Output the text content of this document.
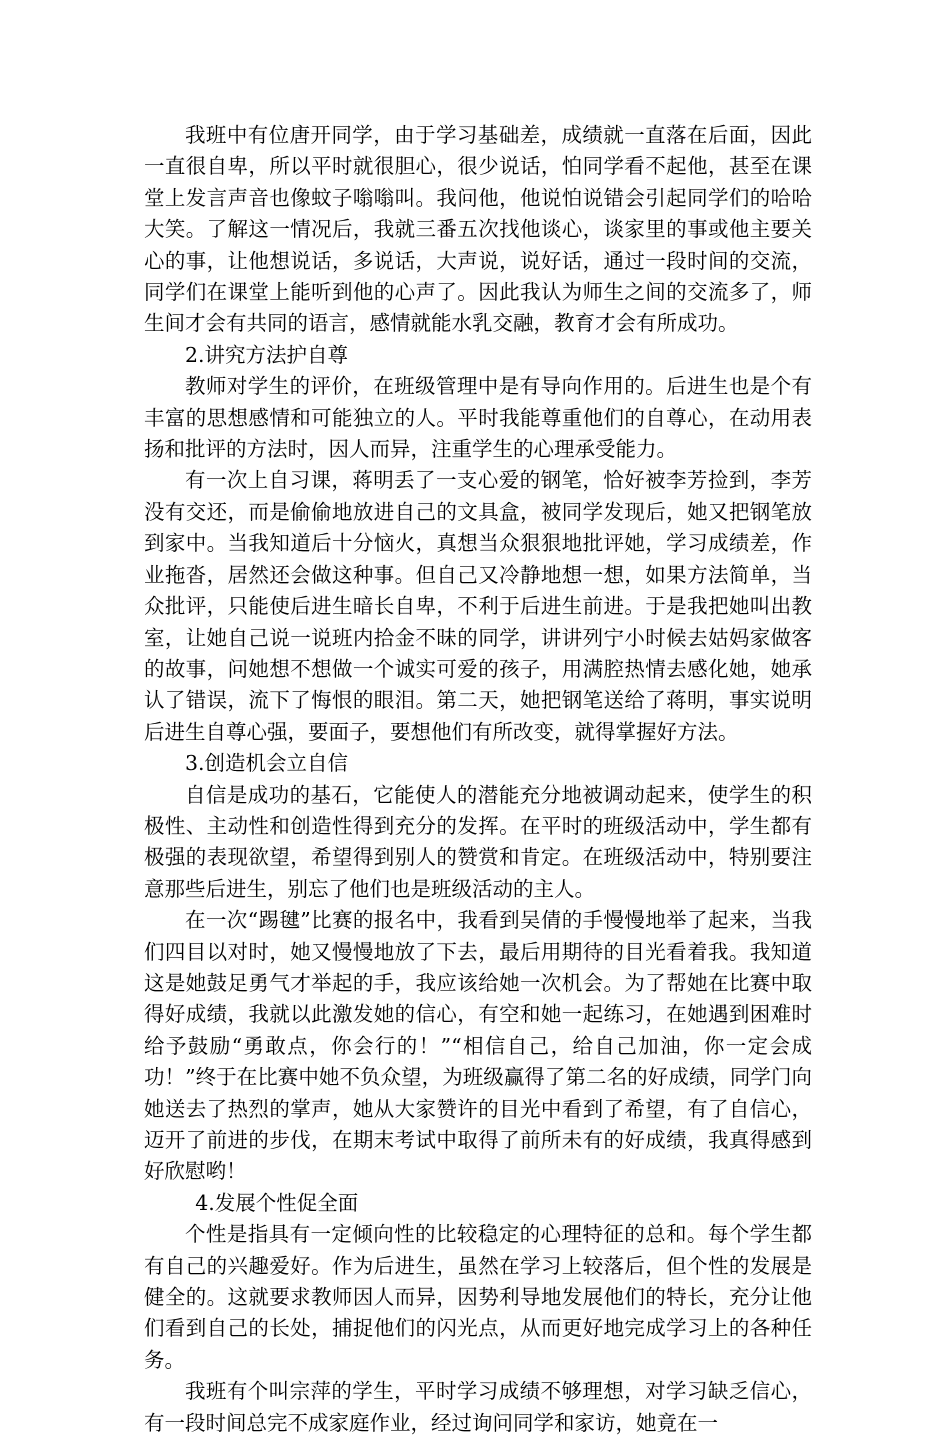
我班中有位唐开同学，由于学习基础差，成绩就一直落在后面，因此一直很自卑，所以平时就很胆心，很少说话，怕同学看不起他，甚至在课堂上发言声音也像蚊子嗡嗡叫。我问他，他说怕说错会引起同学们的哈哈大笑。了解这一情况后，我就三番五次找他谈心，谈家里的事或他主要关心的事，让他想说话，多说话，大声说，说好话，通过一段时间的交流，同学们在课堂上能听到他的心声了。因此我认为师生之间的交流多了，师生间才会有共同的语言，感情就能水乳交融，教育才会有所成功。

2.讲究方法护自尊

教师对学生的评价，在班级管理中是有导向作用的。后进生也是个有丰富的思想感情和可能独立的人。平时我能尊重他们的自尊心，在动用表扬和批评的方法时，因人而异，注重学生的心理承受能力。

有一次上自习课，蒋明丢了一支心爱的钢笔，恰好被李芳捡到，李芳没有交还，而是偷偷地放进自己的文具盒，被同学发现后，她又把钢笔放到家中。当我知道后十分恼火，真想当众狠狠地批评她，学习成绩差，作业拖沓，居然还会做这种事。但自己又冷静地想一想，如果方法简单，当众批评，只能使后进生暗长自卑，不利于后进生前进。于是我把她叫出教室，让她自己说一说班内拾金不昧的同学，讲讲列宁小时候去姑妈家做客的故事，问她想不想做一个诚实可爱的孩子，用满腔热情去感化她，她承认了错误，流下了悔恨的眼泪。第二天，她把钢笔送给了蒋明，事实说明后进生自尊心强，要面子，要想他们有所改变，就得掌握好方法。

3.创造机会立自信

自信是成功的基石，它能使人的潜能充分地被调动起来，使学生的积极性、主动性和创造性得到充分的发挥。在平时的班级活动中，学生都有极强的表现欲望，希望得到别人的赞赏和肯定。在班级活动中，特别要注意那些后进生，别忘了他们也是班级活动的主人。

在一次“踢毽”比赛的报名中，我看到吴倩的手慢慢地举了起来，当我们四目以对时，她又慢慢地放了下去，最后用期待的目光看着我。我知道这是她鼓足勇气才举起的手，我应该给她一次机会。为了帮她在比赛中取得好成绩，我就以此激发她的信心，有空和她一起练习，在她遇到困难时给予鼓励“勇敢点，你会行的！”“相信自己，给自己加油，你一定会成功！”终于在比赛中她不负众望，为班级赢得了第二名的好成绩，同学门向她送去了热烈的掌声，她从大家赞许的目光中看到了希望，有了自信心，迈开了前进的步伐，在期末考试中取得了前所未有的好成绩，我真得感到好欣慰哟！

4.发展个性促全面

个性是指具有一定倾向性的比较稳定的心理特征的总和。每个学生都有自己的兴趣爱好。作为后进生，虽然在学习上较落后，但个性的发展是健全的。这就要求教师因人而异，因势利导地发展他们的特长，充分让他们看到自己的长处，捕捉他们的闪光点，从而更好地完成学习上的各种任务。

我班有个叫宗萍的学生，平时学习成绩不够理想，对学习缺乏信心，有一段时间总完不成家庭作业，经过询问同学和家访，她竟在一
